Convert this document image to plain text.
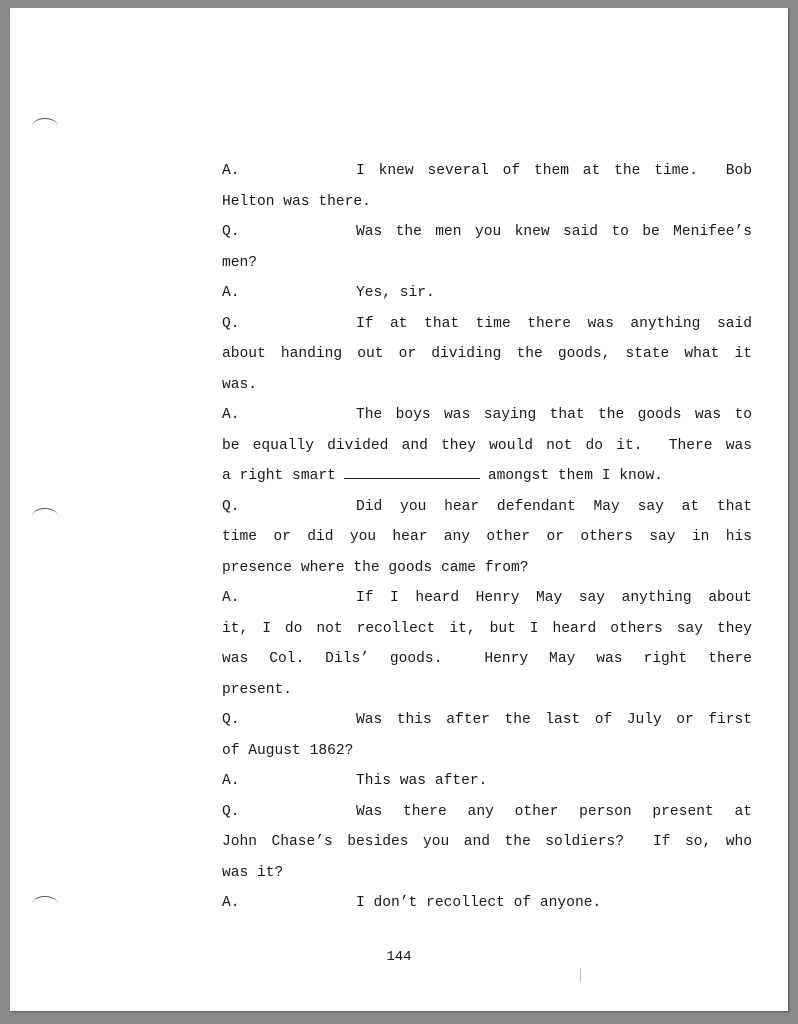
A.	I knew several of them at the time.  Bob
Helton was there.
Q.	Was the men you knew said to be Menifee’s
men?
A.	Yes, sir.
Q.	If at that time there was anything said
about handing out or dividing the goods, state what it
was.
A.	The boys was saying that the goods was to
be equally divided and they would not do it.  There was
a right smart	amongst them I know.
Q.	Did you hear defendant May say at that
time or did you hear any other or others say in his
presence where the goods came from?
A.	If I heard Henry May say anything about
it, I do not recollect it, but I heard others say they
was Col. Dils’ goods.  Henry May was right there
present.
Q.	Was this after the last of July or first
of August 1862?
A.	This was after.
Q.	Was there any other person present at
John Chase’s besides you and the soldiers?  If so, who
was it?
A.	I don’t recollect of anyone.
144
